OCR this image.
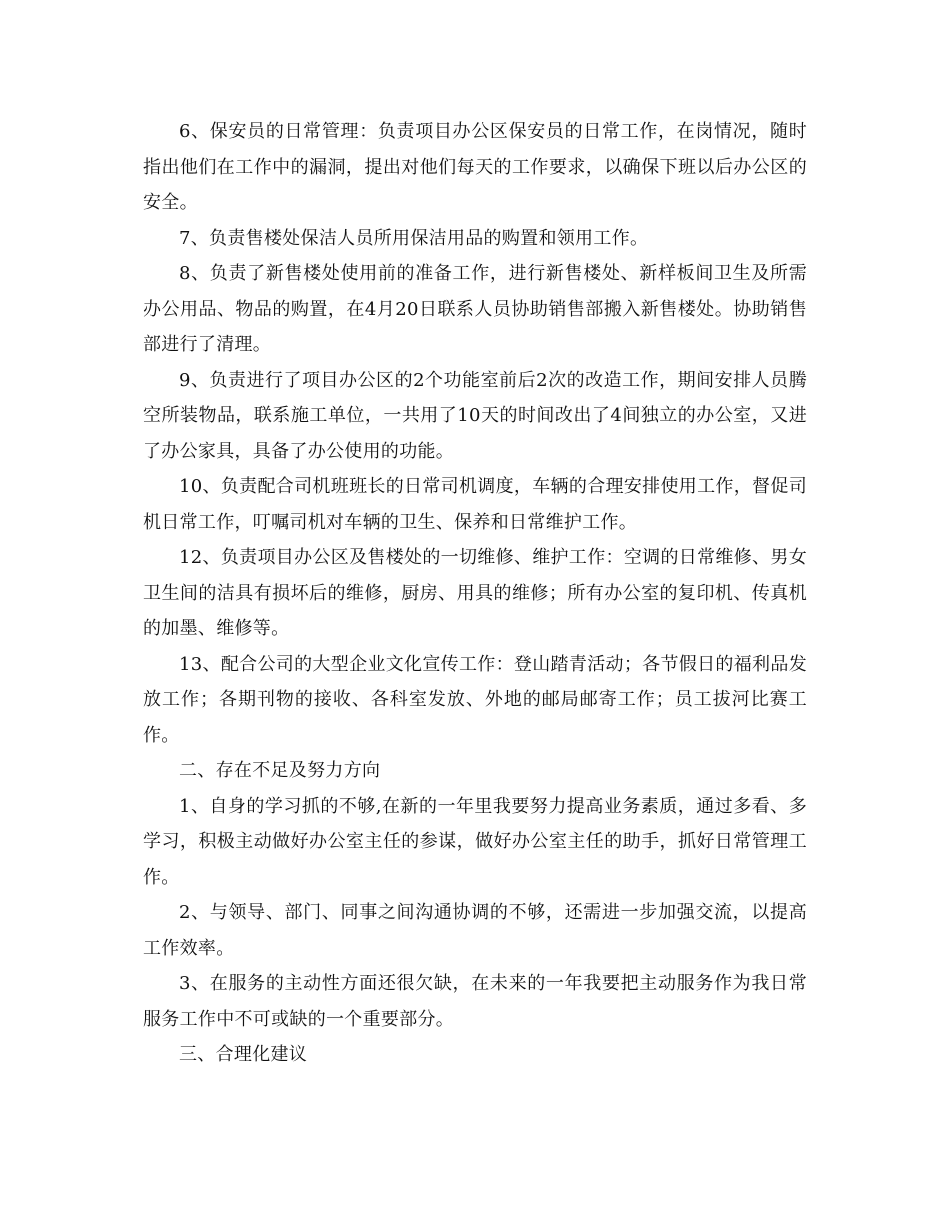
6、保安员的日常管理：负责项目办公区保安员的日常工作，在岗情况，随时指出他们在工作中的漏洞，提出对他们每天的工作要求，以确保下班以后办公区的安全。

7、负责售楼处保洁人员所用保洁用品的购置和领用工作。

8、负责了新售楼处使用前的准备工作，进行新售楼处、新样板间卫生及所需办公用品、物品的购置，在4月20日联系人员协助销售部搬入新售楼处。协助销售部进行了清理。

9、负责进行了项目办公区的2个功能室前后2次的改造工作，期间安排人员腾空所装物品，联系施工单位，一共用了10天的时间改出了4间独立的办公室，又进了办公家具，具备了办公使用的功能。

10、负责配合司机班班长的日常司机调度，车辆的合理安排使用工作，督促司机日常工作，叮嘱司机对车辆的卫生、保养和日常维护工作。

12、负责项目办公区及售楼处的一切维修、维护工作：空调的日常维修、男女卫生间的洁具有损坏后的维修，厨房、用具的维修；所有办公室的复印机、传真机的加墨、维修等。

13、配合公司的大型企业文化宣传工作：登山踏青活动；各节假日的福利品发放工作；各期刊物的接收、各科室发放、外地的邮局邮寄工作；员工拔河比赛工作。

二、存在不足及努力方向

1、自身的学习抓的不够,在新的一年里我要努力提高业务素质，通过多看、多学习，积极主动做好办公室主任的参谋，做好办公室主任的助手，抓好日常管理工作。

2、与领导、部门、同事之间沟通协调的不够，还需进一步加强交流，以提高工作效率。

3、在服务的主动性方面还很欠缺，在未来的一年我要把主动服务作为我日常服务工作中不可或缺的一个重要部分。

三、合理化建议
